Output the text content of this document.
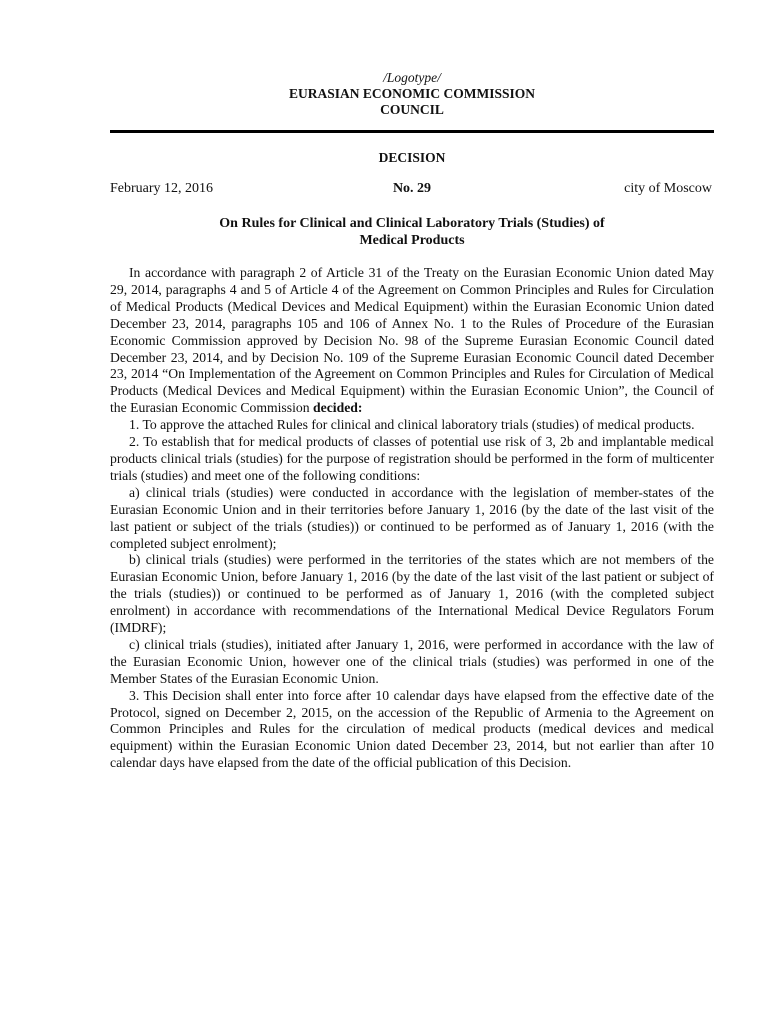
/Logotype/
EURASIAN ECONOMIC COMMISSION
COUNCIL
DECISION
February 12, 2016	No. 29	city of Moscow
On Rules for Clinical and Clinical Laboratory Trials (Studies) of
Medical Products

In accordance with paragraph 2 of Article 31 of the Treaty on the Eurasian Economic Union dated May 29, 2014, paragraphs 4 and 5 of Article 4 of the Agreement on Common Principles and Rules for Circulation of Medical Products (Medical Devices and Medical Equipment) within the Eurasian Economic Union dated December 23, 2014, paragraphs 105 and 106 of Annex No. 1 to the Rules of Procedure of the Eurasian Economic Commission approved by Decision No. 98 of the Supreme Eurasian Economic Council dated December 23, 2014, and by Decision No. 109 of the Supreme Eurasian Economic Council dated December 23, 2014 “On Implementation of the Agreement on Common Principles and Rules for Circulation of Medical Products (Medical Devices and Medical Equipment) within the Eurasian Economic Union”, the Council of the Eurasian Economic Commission decided:

1. To approve the attached Rules for clinical and clinical laboratory trials (studies) of medical products.

2. To establish that for medical products of classes of potential use risk of 3, 2b and implantable medical products clinical trials (studies) for the purpose of registration should be performed in the form of multicenter trials (studies) and meet one of the following conditions:

a) clinical trials (studies) were conducted in accordance with the legislation of member-states of the Eurasian Economic Union and in their territories before January 1, 2016 (by the date of the last visit of the last patient or subject of the trials (studies)) or continued to be performed as of January 1, 2016 (with the completed subject enrolment);

b) clinical trials (studies) were performed in the territories of the states which are not members of the Eurasian Economic Union, before January 1, 2016 (by the date of the last visit of the last patient or subject of the trials (studies)) or continued to be performed as of January 1, 2016 (with the completed subject enrolment) in accordance with recommendations of the International Medical Device Regulators Forum (IMDRF);

c) clinical trials (studies), initiated after January 1, 2016, were performed in accordance with the law of the Eurasian Economic Union, however one of the clinical trials (studies) was performed in one of the Member States of the Eurasian Economic Union.

3. This Decision shall enter into force after 10 calendar days have elapsed from the effective date of the Protocol, signed on December 2, 2015, on the accession of the Republic of Armenia to the Agreement on Common Principles and Rules for the circulation of medical products (medical devices and medical equipment) within the Eurasian Economic Union dated December 23, 2014, but not earlier than after 10 calendar days have elapsed from the date of the official publication of this Decision.
